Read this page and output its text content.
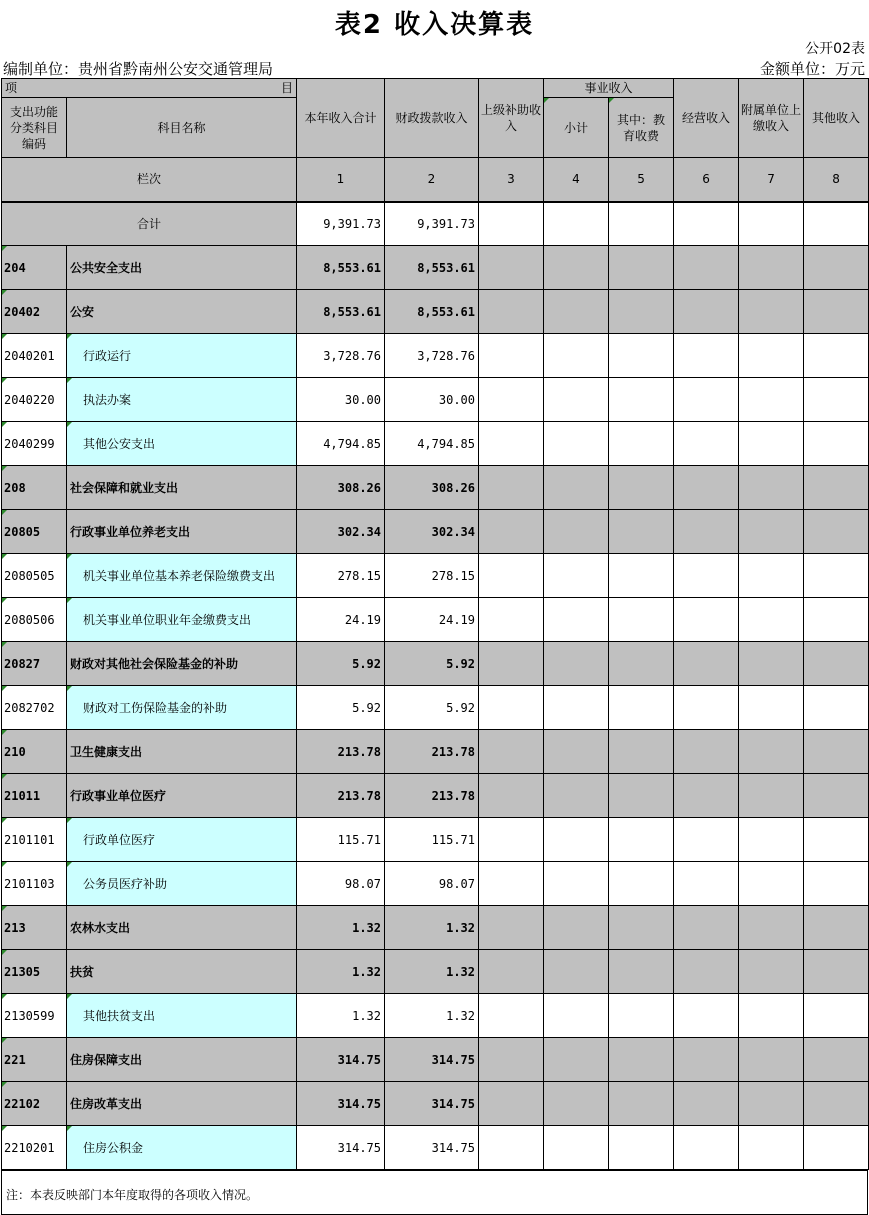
表2 收入决算表
公开02表
编制单位：贵州省黔南州公安交通管理局	金额单位：万元
项 目		本年收入合计	财政拨款收入	上级补助收入	事业收入		经营收入	附属单位上缴收入	其他收入
支出功能分类科目编码	科目名称				小计	其中：教育收费			

栏次		1	2	3	4	5	6	7	8
合计		9,391.73	9,391.73						
204	公共安全支出	8,553.61	8,553.61						
20402	公安	8,553.61	8,553.61						
2040201	行政运行	3,728.76	3,728.76						
2040220	执法办案	30.00	30.00						
2040299	其他公安支出	4,794.85	4,794.85						
208	社会保障和就业支出	308.26	308.26						
20805	行政事业单位养老支出	302.34	302.34						
2080505	机关事业单位基本养老保险缴费支出	278.15	278.15						
2080506	机关事业单位职业年金缴费支出	24.19	24.19						
20827	财政对其他社会保险基金的补助	5.92	5.92						
2082702	财政对工伤保险基金的补助	5.92	5.92						
210	卫生健康支出	213.78	213.78						
21011	行政事业单位医疗	213.78	213.78						
2101101	行政单位医疗	115.71	115.71						
2101103	公务员医疗补助	98.07	98.07						
213	农林水支出	1.32	1.32						
21305	扶贫	1.32	1.32						
2130599	其他扶贫支出	1.32	1.32						
221	住房保障支出	314.75	314.75						
22102	住房改革支出	314.75	314.75						
2210201	住房公积金	314.75	314.75						
注：本表反映部门本年度取得的各项收入情况。
